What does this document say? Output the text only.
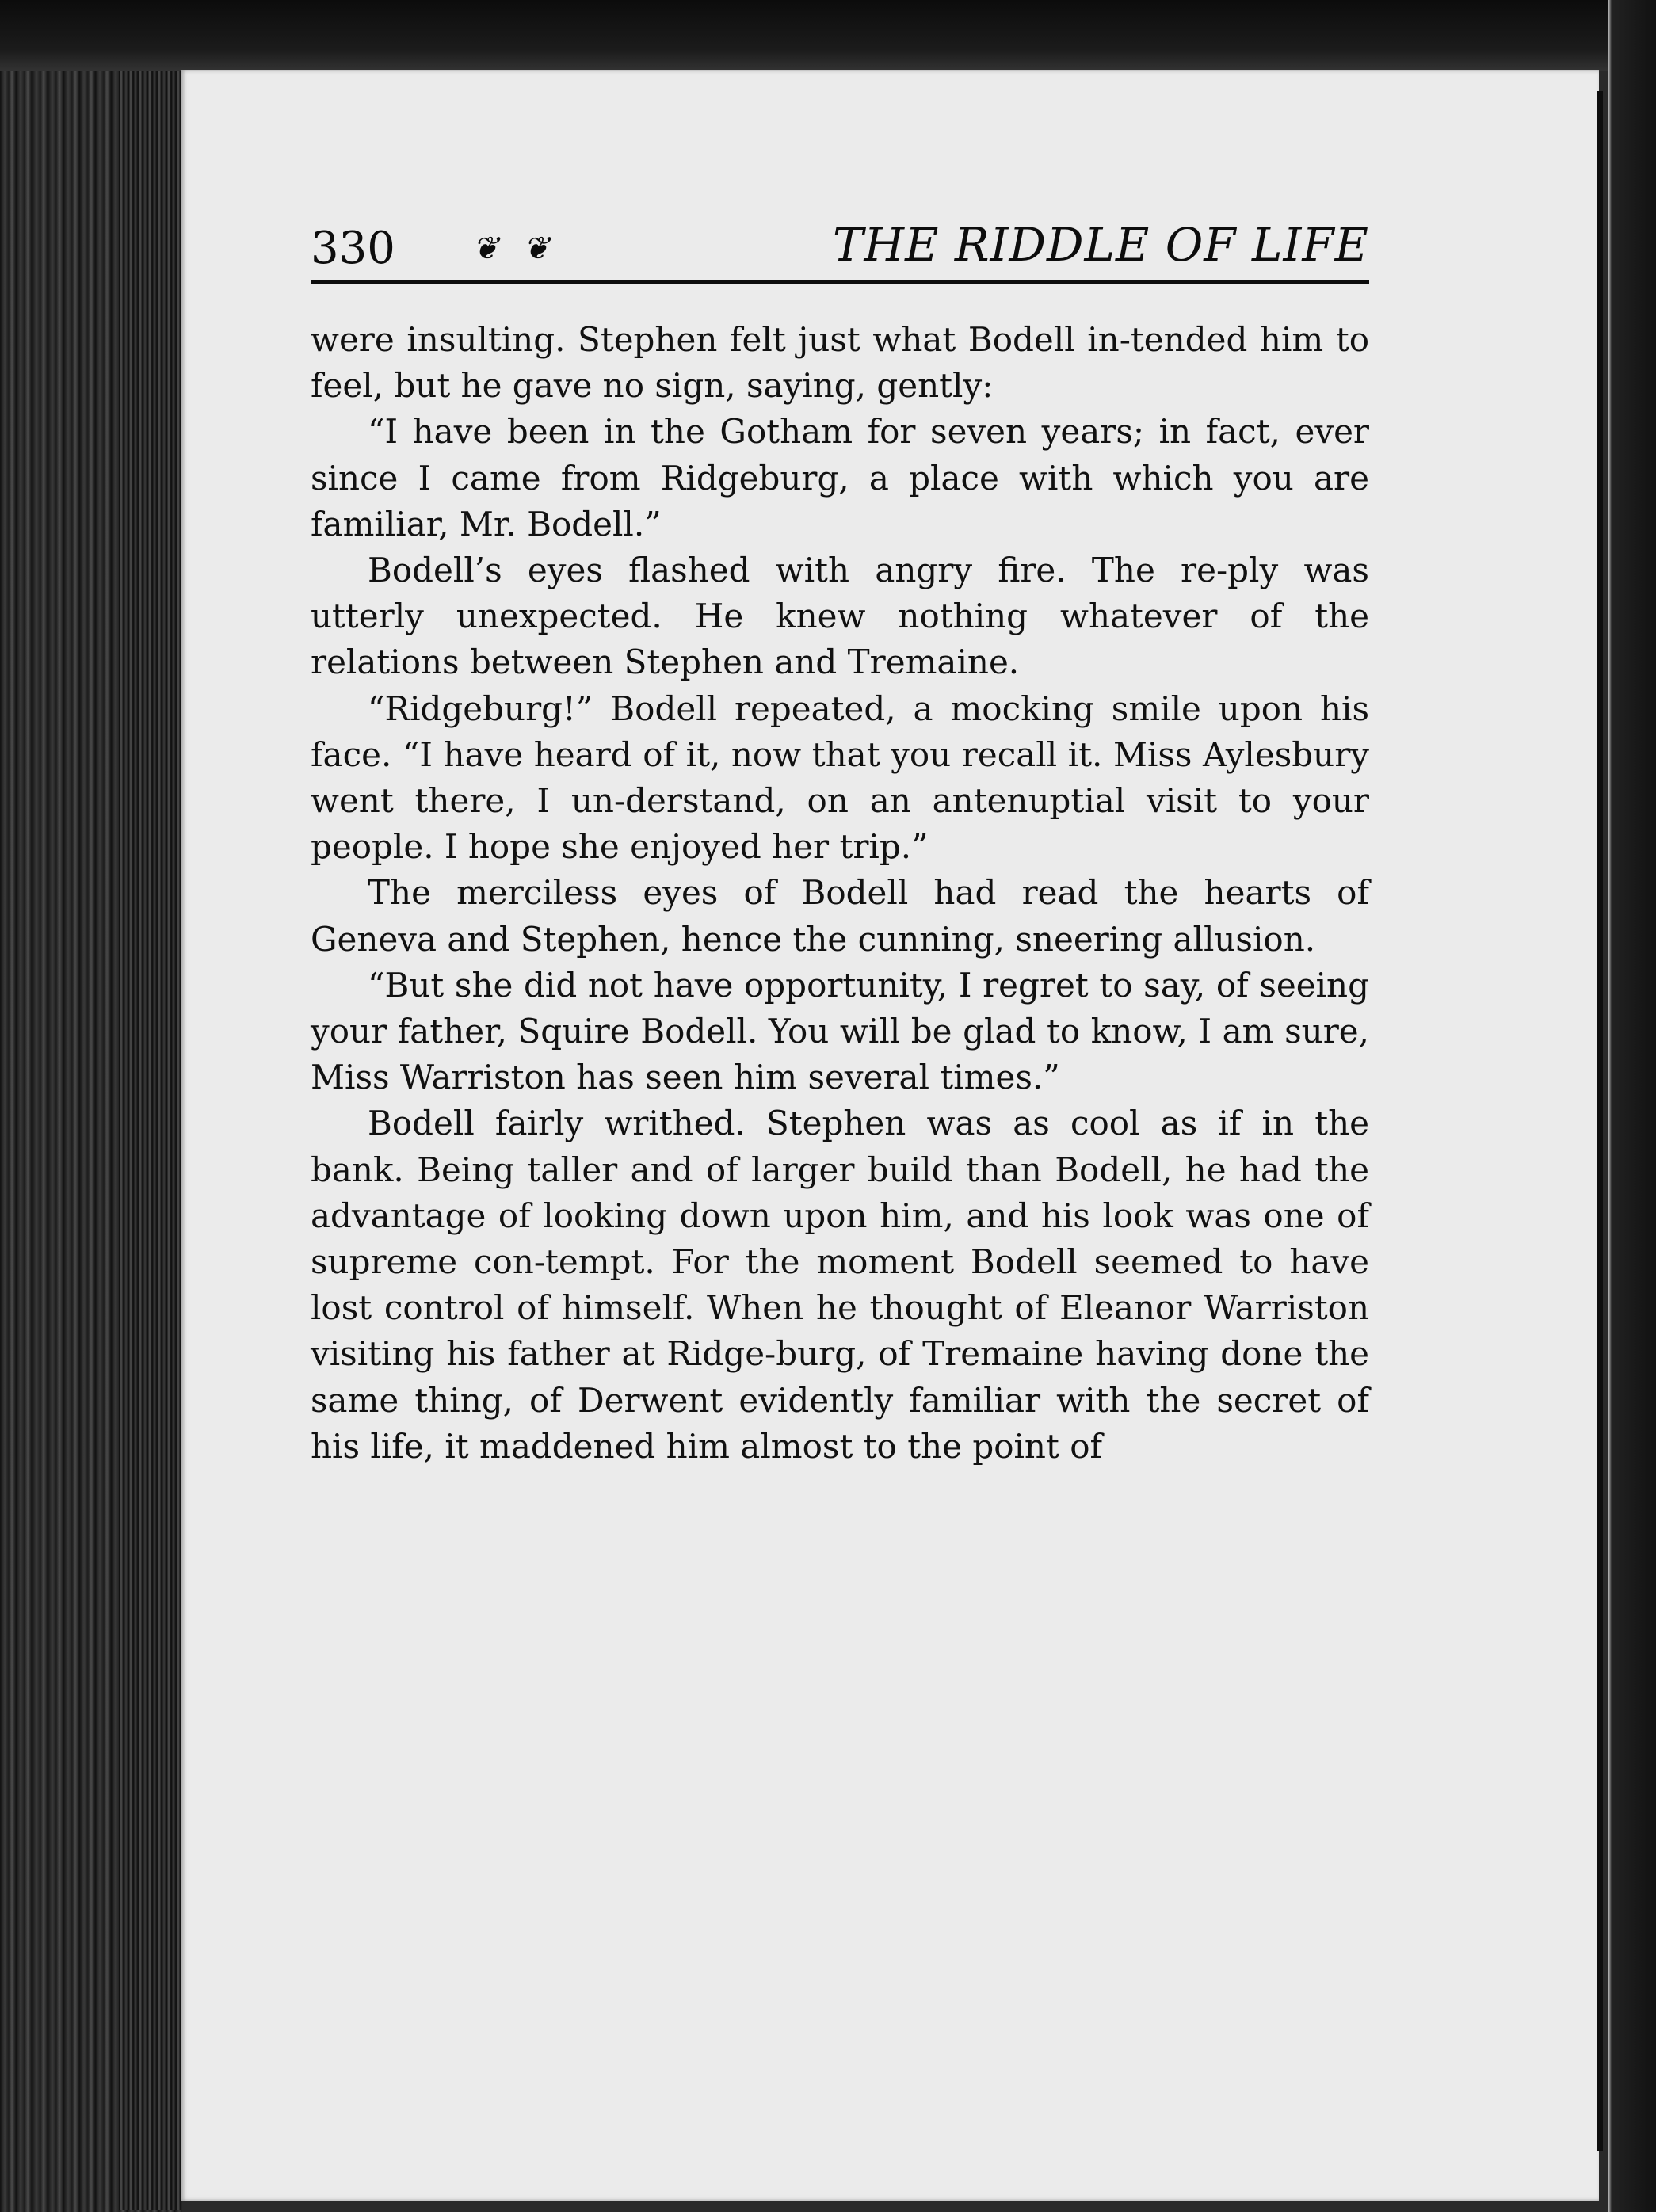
330 ❦ ❦	THE RIDDLE OF LIFE

were insulting. Stephen felt just what Bodell in-tended him to feel, but he gave no sign, saying, gently:

“I have been in the Gotham for seven years; in fact, ever since I came from Ridgeburg, a place with which you are familiar, Mr. Bodell.”

Bodell’s eyes flashed with angry fire. The re-ply was utterly unexpected. He knew nothing whatever of the relations between Stephen and Tremaine.

“Ridgeburg!” Bodell repeated, a mocking smile upon his face. “I have heard of it, now that you recall it. Miss Aylesbury went there, I un-derstand, on an antenuptial visit to your people. I hope she enjoyed her trip.”

The merciless eyes of Bodell had read the hearts of Geneva and Stephen, hence the cunning, sneering allusion.

“But she did not have opportunity, I regret to say, of seeing your father, Squire Bodell. You will be glad to know, I am sure, Miss Warriston has seen him several times.”

Bodell fairly writhed. Stephen was as cool as if in the bank. Being taller and of larger build than Bodell, he had the advantage of looking down upon him, and his look was one of supreme con-tempt. For the moment Bodell seemed to have lost control of himself. When he thought of Eleanor Warriston visiting his father at Ridge-burg, of Tremaine having done the same thing, of Derwent evidently familiar with the secret of his life, it maddened him almost to the point of
